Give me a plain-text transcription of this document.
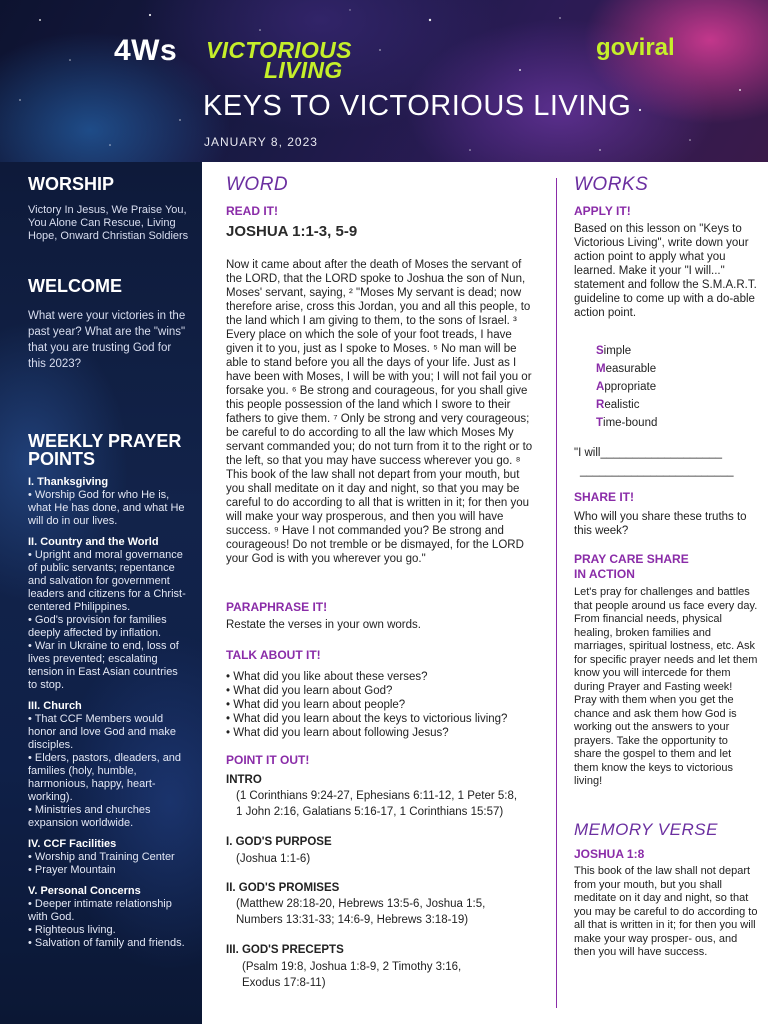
4Ws VICTORIOUS
LIVING
goviral
KEYS TO VICTORIOUS LIVING
JANUARY 8, 2023
WORSHIP
Victory In Jesus, We Praise You, You Alone Can Rescue, Living Hope, Onward Christian Soldiers
WELCOME
What were your victories in the past year? What are the "wins" that you are trusting God for this 2023?
WEEKLY PRAYER
POINTS
I. Thanksgiving
• Worship God for who He is, what He has done, and what He will do in our lives.
II. Country and the World
• Upright and moral governance of public servants; repentance and salvation for government leaders and citizens for a Christ-centered Philippines.
• God's provision for families deeply affected by inflation.
• War in Ukraine to end, loss of lives prevented; escalating tension in East Asian countries to stop.
III. Church
• That CCF Members would honor and love God and make disciples.
• Elders, pastors, dleaders, and families (holy, humble, harmonious, happy, heart-working).
• Ministries and churches expansion worldwide.
IV. CCF Facilities
• Worship and Training Center
• Prayer Mountain
V. Personal Concerns
• Deeper intimate relationship with God.
• Righteous living.
• Salvation of family and friends.
WORD
READ IT!
JOSHUA 1:1-3, 5-9
Now it came about after the death of Moses the servant of the LORD, that the LORD spoke to Joshua the son of Nun, Moses' servant, saying, ² "Moses My servant is dead; now therefore arise, cross this Jordan, you and all this people, to the land which I am giving to them, to the sons of Israel. ³ Every place on which the sole of your foot treads, I have given it to you, just as I spoke to Moses. ⁵ No man will be able to stand before you all the days of your life. Just as I have been with Moses, I will be with you; I will not fail you or forsake you. ⁶ Be strong and courageous, for you shall give this people possession of the land which I swore to their fathers to give them. ⁷ Only be strong and very courageous; be careful to do according to all the law which Moses My servant commanded you; do not turn from it to the right or to the left, so that you may have success wherever you go. ⁸ This book of the law shall not depart from your mouth, but you shall meditate on it day and night, so that you may be careful to do according to all that is written in it; for then you will make your way prosperous, and then you will have success. ⁹ Have I not commanded you? Be strong and courageous! Do not tremble or be dismayed, for the LORD your God is with you wherever you go."
PARAPHRASE IT!
Restate the verses in your own words.
TALK ABOUT IT!
• What did you like about these verses?
• What did you learn about God?
• What did you learn about people?
• What did you learn about the keys to victorious living?
• What did you learn about following Jesus?
POINT IT OUT!
INTRO
(1 Corinthians 9:24-27, Ephesians 6:11-12, 1 Peter 5:8, 1 John 2:16, Galatians 5:16-17, 1 Corinthians 15:57)
I. GOD'S PURPOSE
(Joshua 1:1-6)
II. GOD'S PROMISES
(Matthew 28:18-20, Hebrews 13:5-6, Joshua 1:5, Numbers 13:31-33; 14:6-9, Hebrews 3:18-19)
III. GOD'S PRECEPTS
(Psalm 19:8, Joshua 1:8-9, 2 Timothy 3:16, Exodus 17:8-11)
WORKS
APPLY IT!
Based on this lesson on "Keys to Victorious Living", write down your action point to apply what you learned. Make it your "I will..." statement and follow the S.M.A.R.T. guideline to come up with a do-able action point.
Simple
Measurable
Appropriate
Realistic
Time-bound
"I will___________________
________________________
SHARE IT!
Who will you share these truths to this week?
PRAY CARE SHARE
IN ACTION
Let's pray for challenges and battles that people around us face every day. From financial needs, physical healing, broken families and marriages, spiritual lostness, etc. Ask for specific prayer needs and let them know you will intercede for them during Prayer and Fasting week! Pray with them when you get the chance and ask them how God is working out the answers to your prayers. Take the opportunity to share the gospel to them and let them know the keys to victorious living!
MEMORY VERSE
JOSHUA 1:8
This book of the law shall not depart from your mouth, but you shall meditate on it day and night, so that you may be careful to do according to all that is written in it; for then you will make your way prosper- ous, and then you will have success.
